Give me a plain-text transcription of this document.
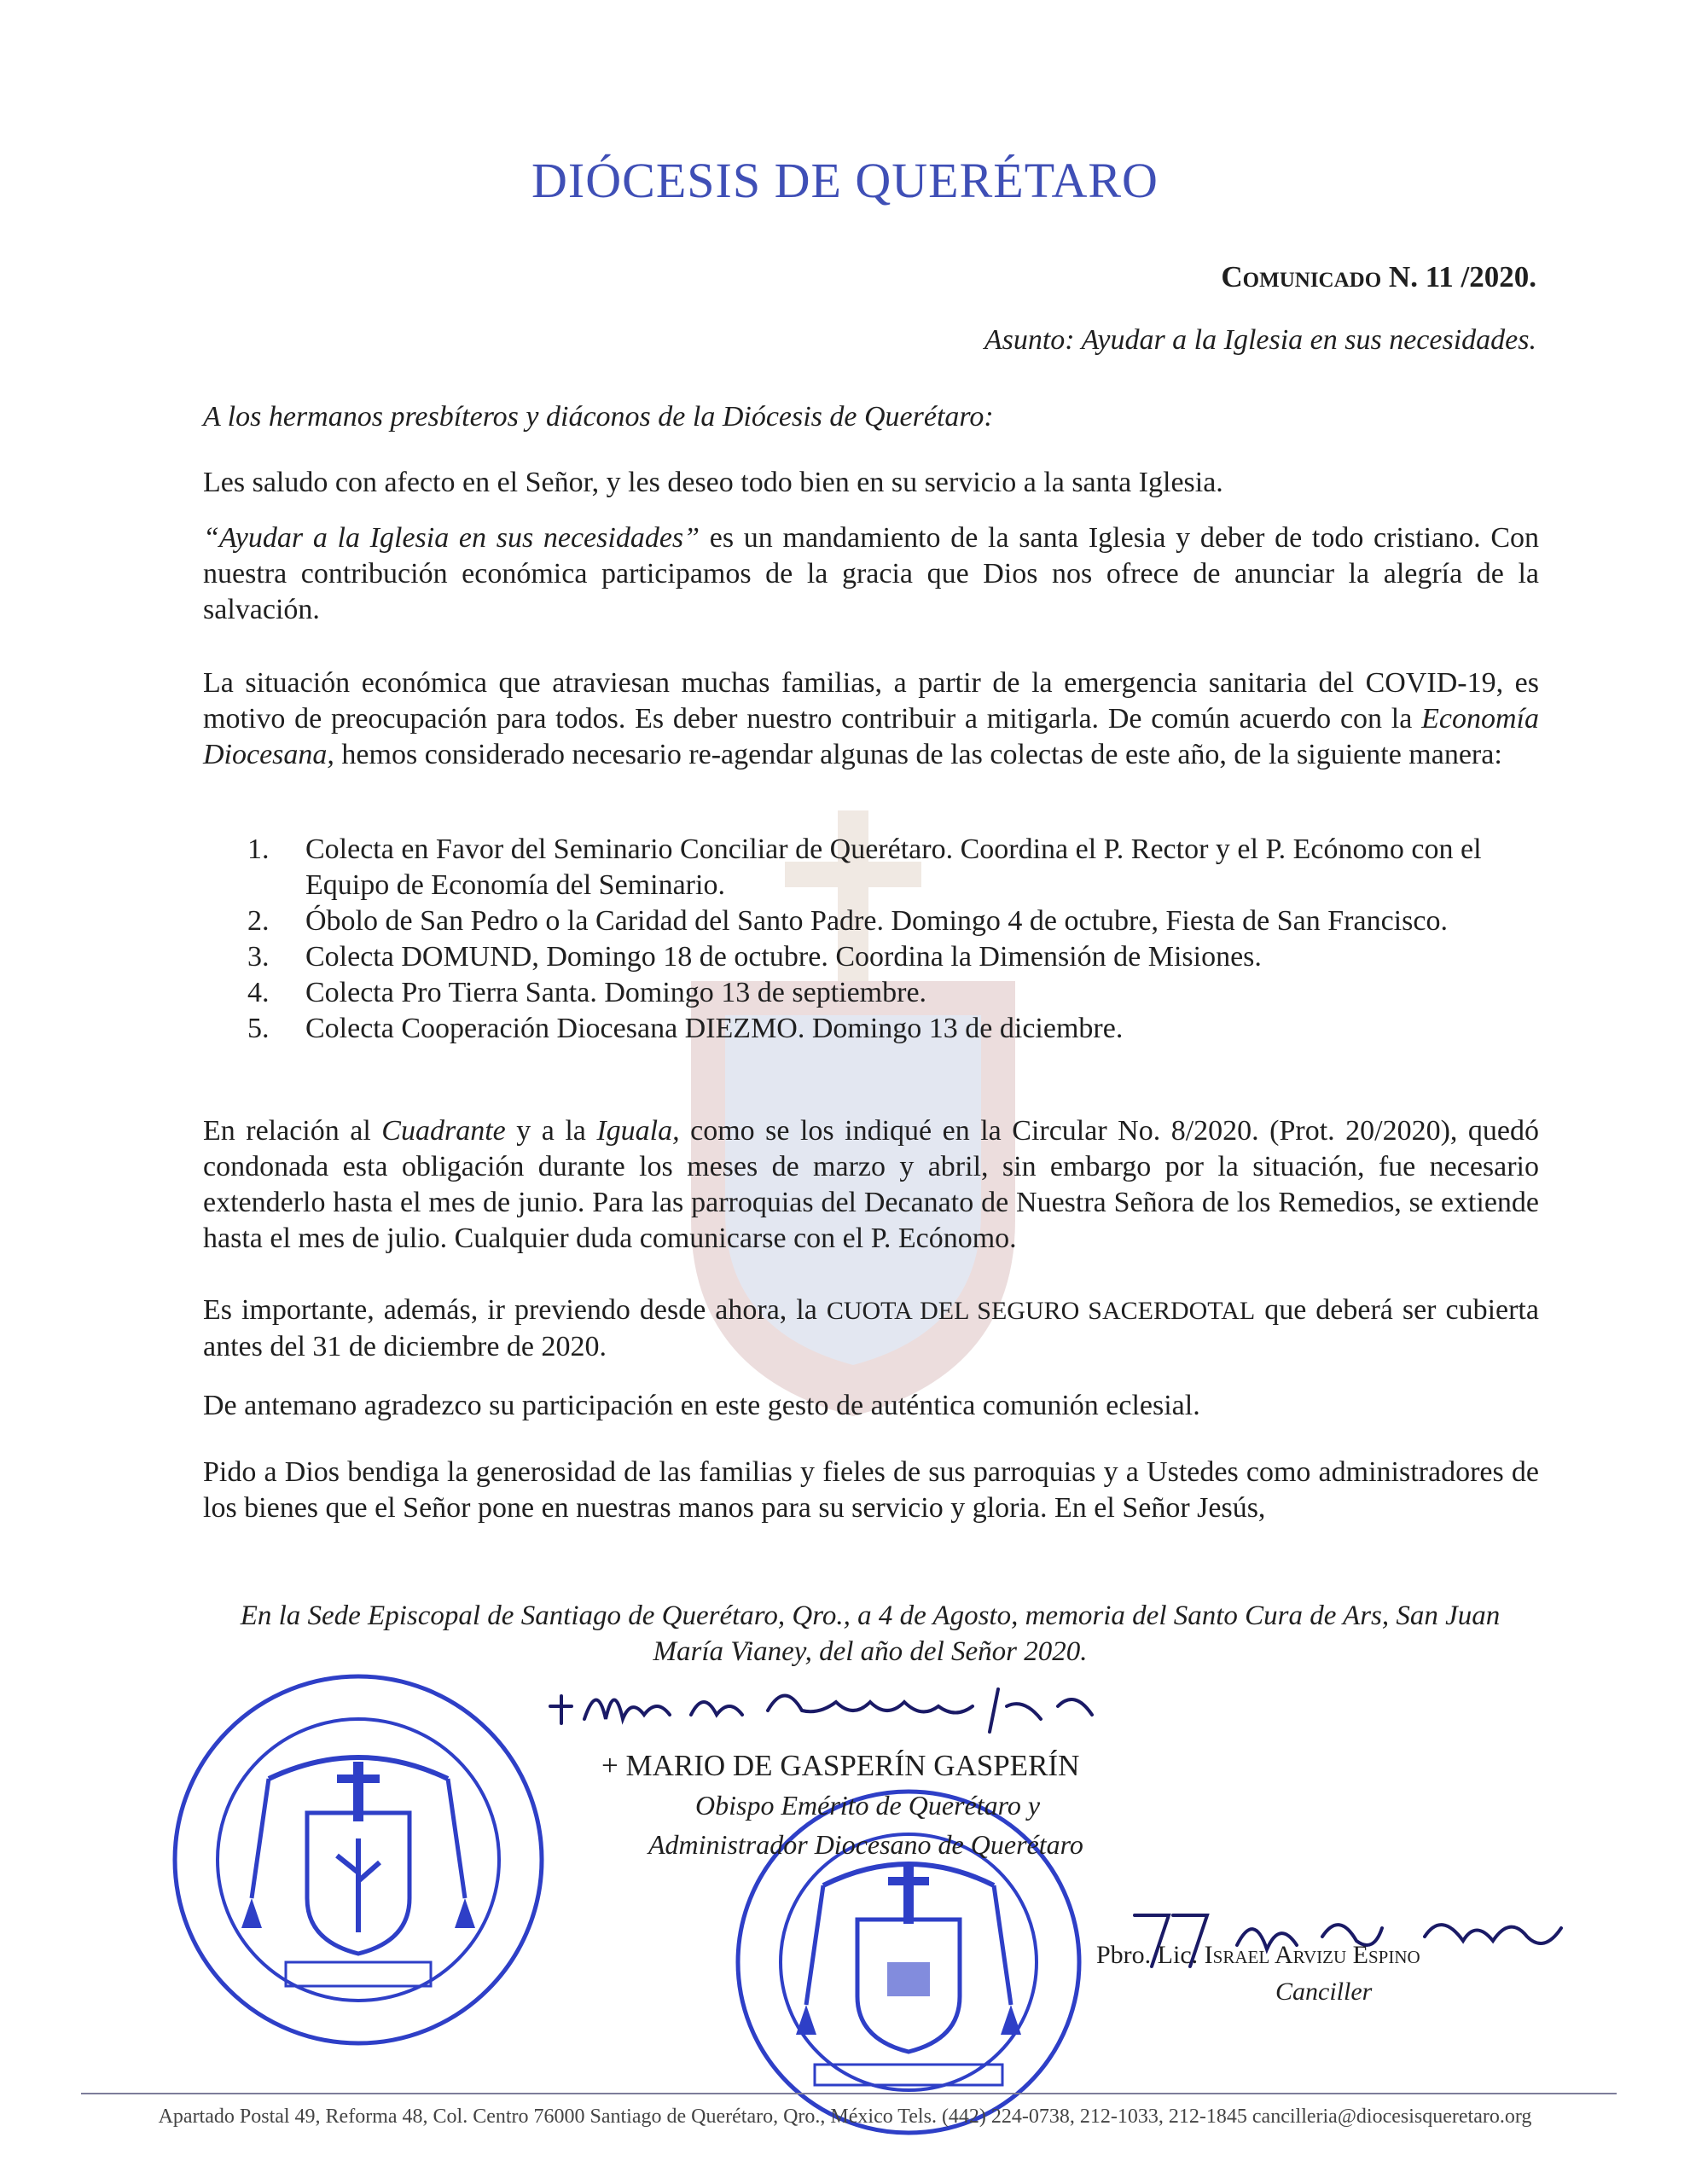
DIÓCESIS DE QUERÉTARO
Comunicado N. 11 /2020.
Asunto: Ayudar a la Iglesia en sus necesidades.

A los hermanos presbíteros y diáconos de la Diócesis de Querétaro:

Les saludo con afecto en el Señor, y les deseo todo bien en su servicio a la santa Iglesia.

“Ayudar a la Iglesia en sus necesidades” es un mandamiento de la santa Iglesia y deber de todo cristiano. Con nuestra contribución económica participamos de la gracia que Dios nos ofrece de anunciar la alegría de la salvación.

La situación económica que atraviesan muchas familias, a partir de la emergencia sanitaria del COVID-19, es motivo de preocupación para todos. Es deber nuestro contribuir a mitigarla. De común acuerdo con la Economía Diocesana, hemos considerado necesario re-agendar algunas de las colectas de este año, de la siguiente manera:

1. Colecta en Favor del Seminario Conciliar de Querétaro. Coordina el P. Rector y el P. Ecónomo con el Equipo de Economía del Seminario.
2. Óbolo de San Pedro o la Caridad del Santo Padre. Domingo 4 de octubre, Fiesta de San Francisco.
3. Colecta DOMUND, Domingo 18 de octubre. Coordina la Dimensión de Misiones.
4. Colecta Pro Tierra Santa. Domingo 13 de septiembre.
5. Colecta Cooperación Diocesana DIEZMO. Domingo 13 de diciembre.

En relación al Cuadrante y a la Iguala, como se los indiqué en la Circular No. 8/2020. (Prot. 20/2020), quedó condonada esta obligación durante los meses de marzo y abril, sin embargo por la situación, fue necesario extenderlo hasta el mes de junio. Para las parroquias del Decanato de Nuestra Señora de los Remedios, se extiende hasta el mes de julio. Cualquier duda comunicarse con el P. Ecónomo.

Es importante, además, ir previendo desde ahora, la CUOTA DEL SEGURO SACERDOTAL que deberá ser cubierta antes del 31 de diciembre de 2020.

De antemano agradezco su participación en este gesto de auténtica comunión eclesial.

Pido a Dios bendiga la generosidad de las familias y fieles de sus parroquias y a Ustedes como administradores de los bienes que el Señor pone en nuestras manos para su servicio y gloria. En el Señor Jesús,

En la Sede Episcopal de Santiago de Querétaro, Qro., a 4 de Agosto, memoria del Santo Cura de Ars, San Juan María Vianey, del año del Señor 2020.
+ MARIO DE GASPERÍN GASPERÍN
Obispo Emérito de Querétaro y
Administrador Diocesano de Querétaro
Pbro. Lic. Israel Arvizu Espino
Canciller
Apartado Postal 49, Reforma 48, Col. Centro 76000 Santiago de Querétaro, Qro., México Tels. (442) 224-0738, 212-1033, 212-1845 cancilleria@diocesisqueretaro.org
